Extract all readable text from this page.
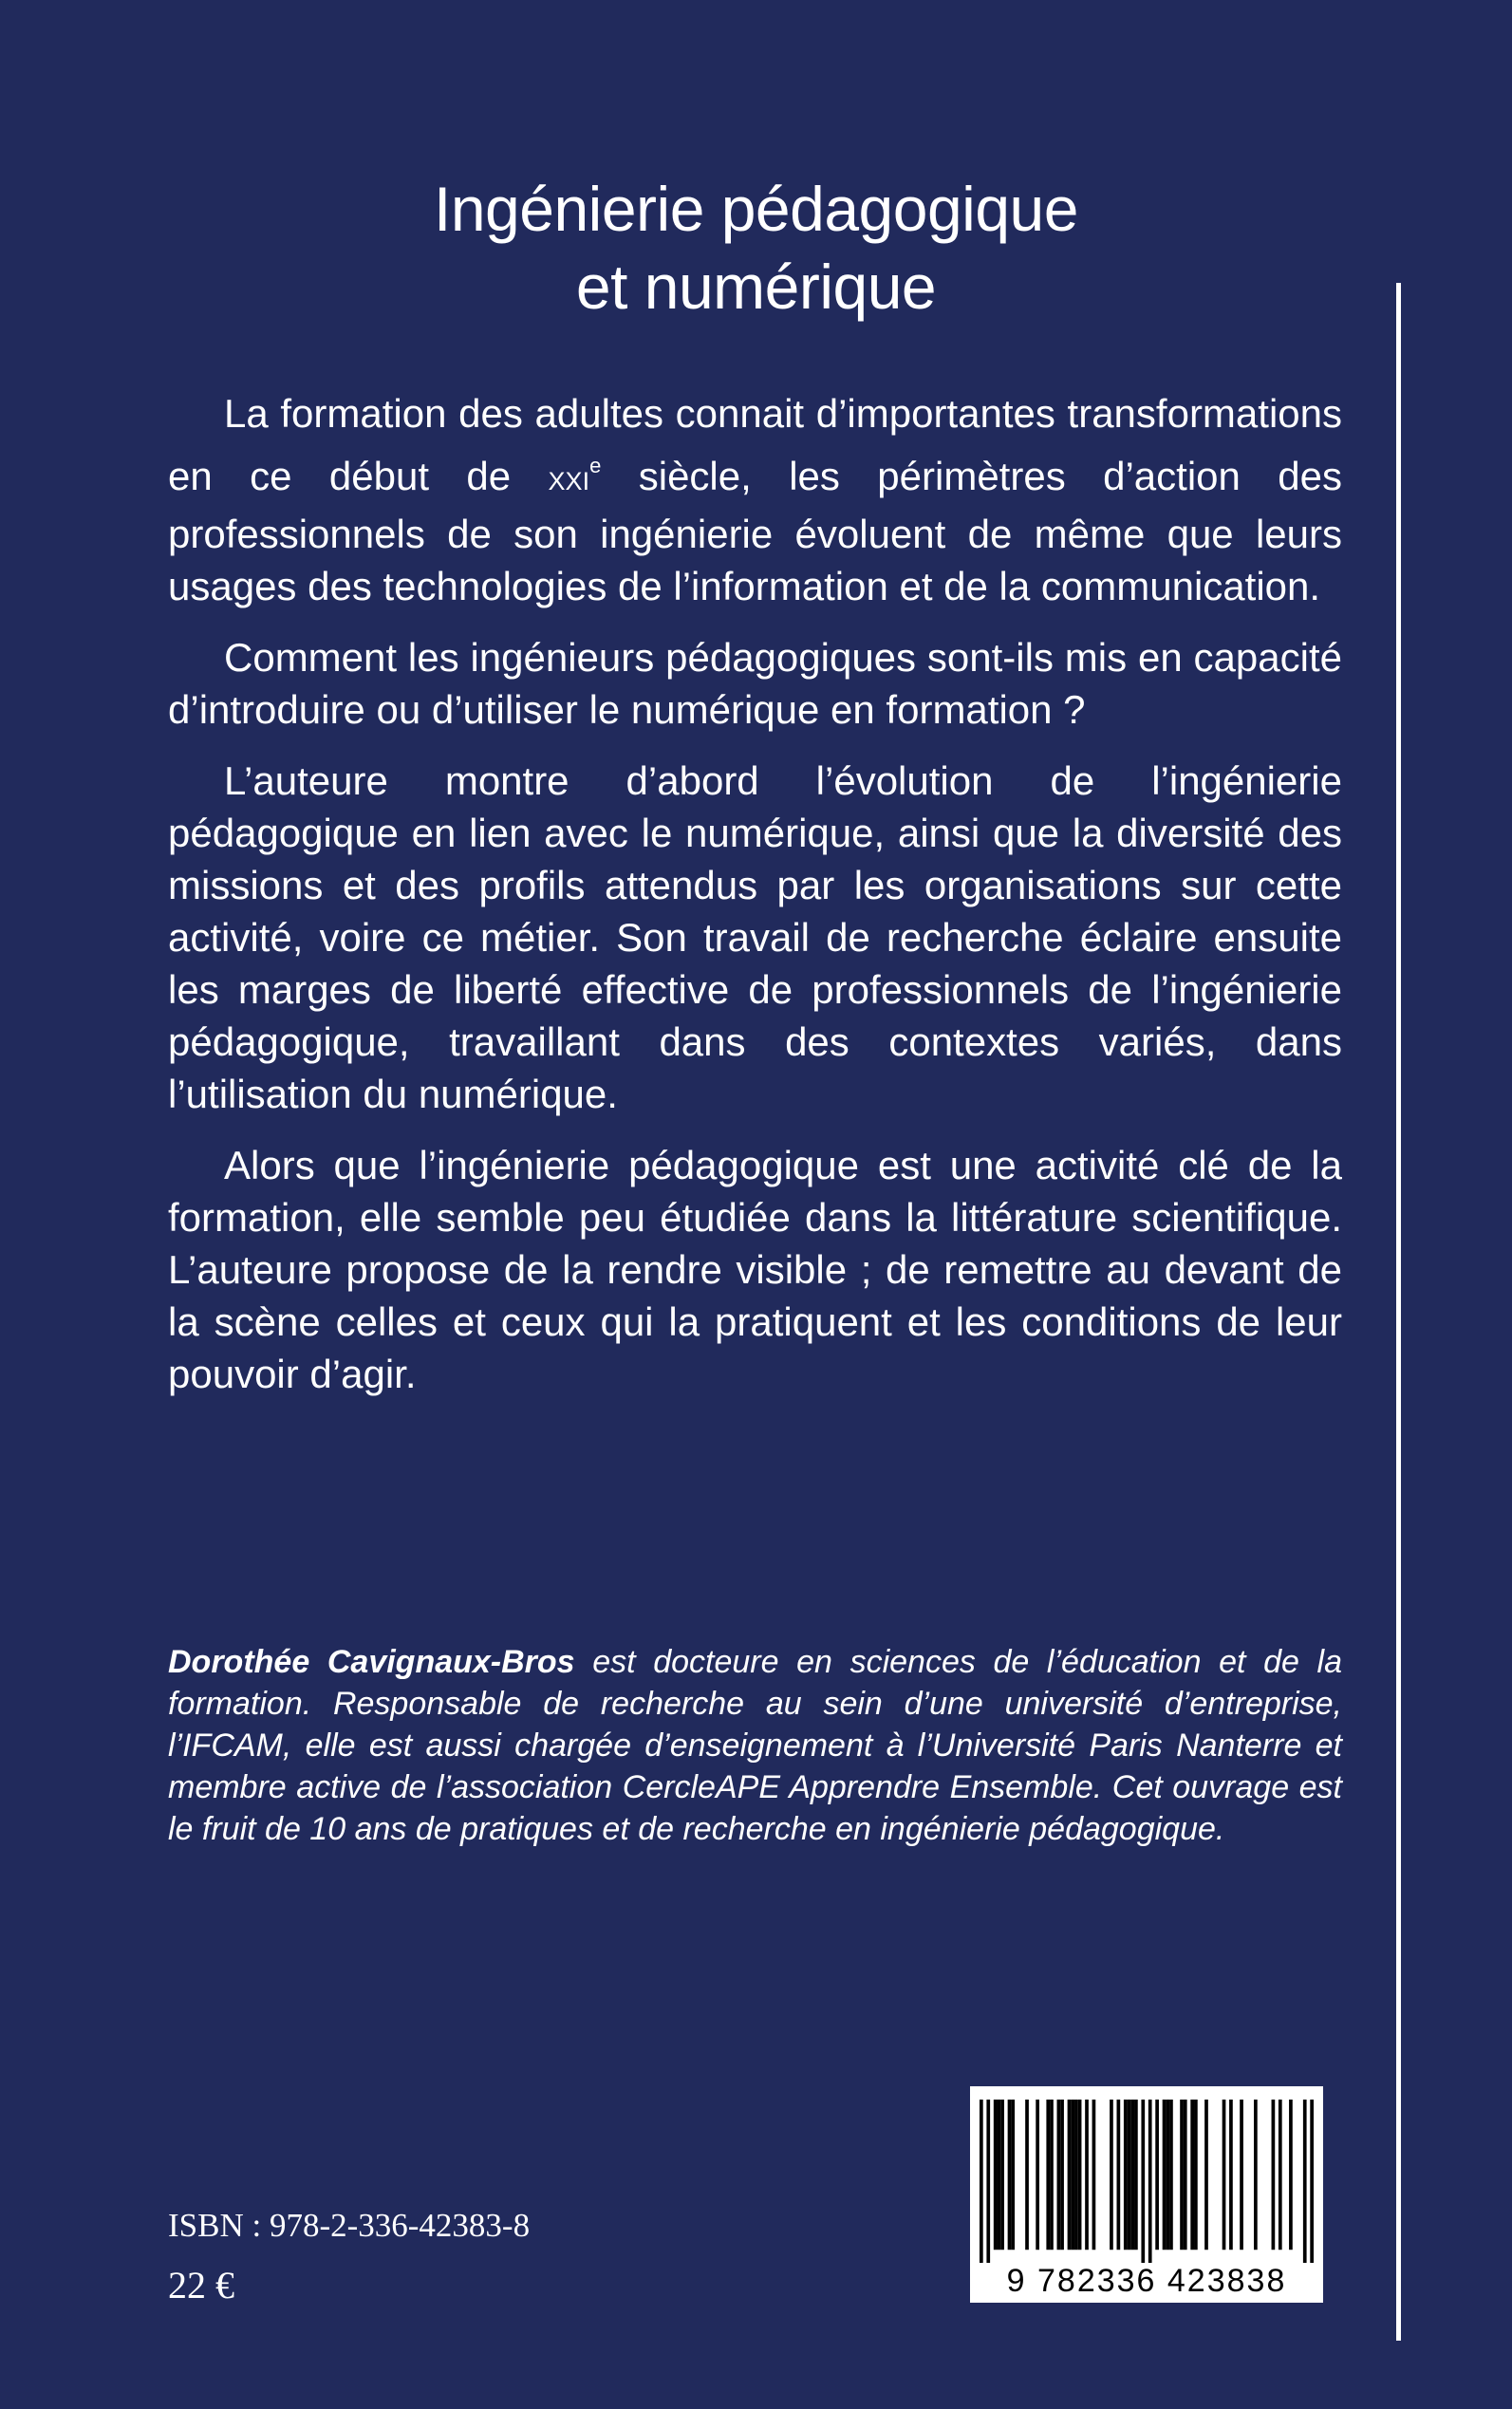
Ingénierie pédagogique
et numérique

La formation des adultes connait d’importantes transformations en ce début de XXIe siècle, les périmètres d’action des professionnels de son ingénierie évoluent de même que leurs usages des technologies de l’information et de la communication.

Comment les ingénieurs pédagogiques sont-ils mis en capacité d’introduire ou d’utiliser le numérique en formation ?

L’auteure montre d’abord l’évolution de l’ingénierie pédagogique en lien avec le numérique, ainsi que la diversité des missions et des profils attendus par les organisations sur cette activité, voire ce métier. Son travail de recherche éclaire ensuite les marges de liberté effective de professionnels de l’ingénierie pédagogique, travaillant dans des contextes variés, dans l’utilisation du numérique.

Alors que l’ingénierie pédagogique est une activité clé de la formation, elle semble peu étudiée dans la littérature scientifique. L’auteure propose de la rendre visible ; de remettre au devant de la scène celles et ceux qui la pratiquent et les conditions de leur pouvoir d’agir.

Dorothée Cavignaux-Bros est docteure en sciences de l’éducation et de la formation. Responsable de recherche au sein d’une université d’entreprise, l’IFCAM, elle est aussi chargée d’enseignement à l’Université Paris Nanterre et membre active de l’association CercleAPE Apprendre Ensemble. Cet ouvrage est le fruit de 10 ans de pratiques et de recherche en ingénierie pédagogique.
ISBN : 978-2-336-42383-8
22 €	9 782336 423838
